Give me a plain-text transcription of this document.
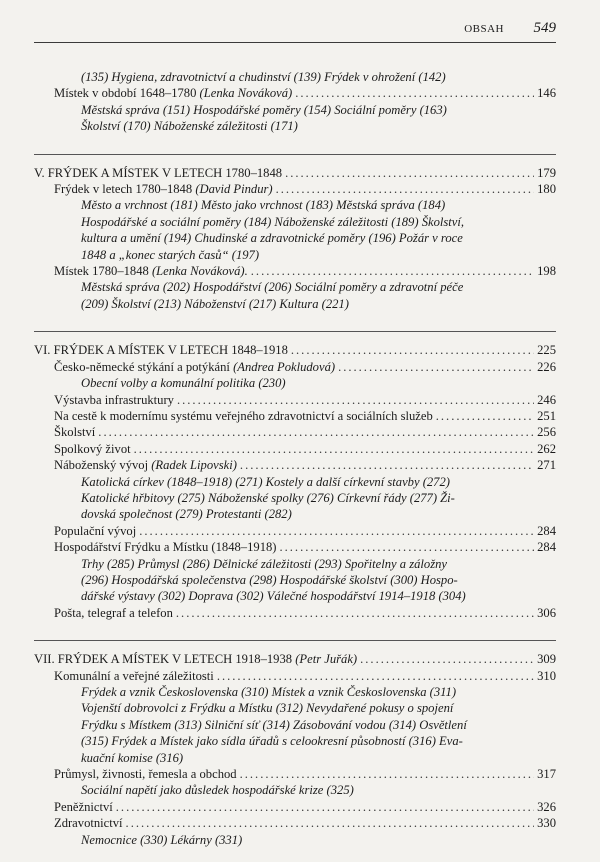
OBSAH 549
(135) Hygiena, zdravotnictví a chudinství (139) Frýdek v ohrožení (142)
Místek v období 1648–1780 (Lenka Nováková) .....	146
Městská správa (151) Hospodářské poměry (154) Sociální poměry (163)
Školství (170) Náboženské záležitosti (171)
V. FRÝDEK A MÍSTEK V LETECH 1780–1848 .....	179
Frýdek v letech 1780–1848 (David Pindur) .....	180
Město a vrchnost (181) Město jako vrchnost (183) Městská správa (184)
Hospodářské a sociální poměry (184) Náboženské záležitosti (189) Školství,
kultura a umění (194) Chudinské a zdravotnické poměry (196) Požár v roce
1848 a „konec starých časů“ (197)
Místek 1780–1848 (Lenka Nováková). .....	198
Městská správa (202) Hospodářství (206) Sociální poměry a zdravotní péče
(209) Školství (213) Náboženství (217) Kultura (221)
VI. FRÝDEK A MÍSTEK V LETECH 1848–1918 .....	225
Česko-německé stýkání a potýkání (Andrea Pokludová) .....	226
Obecní volby a komunální politika (230)
Výstavba infrastruktury .....	246
Na cestě k modernímu systému veřejného zdravotnictví a sociálních služeb .....	251
Školství .....	256
Spolkový život .....	262
Náboženský vývoj (Radek Lipovski) .....	271
Katolická církev (1848–1918) (271) Kostely a další církevní stavby (272)
Katolické hřbitovy (275) Náboženské spolky (276) Církevní řády (277) Ži-
dovská společnost (279) Protestanti (282)
Populační vývoj .....	284
Hospodářství Frýdku a Místku (1848–1918) .....	284
Trhy (285) Průmysl (286) Dělnické záležitosti (293) Spořitelny a záložny
(296) Hospodářská společenstva (298) Hospodářské školství (300) Hospo-
dářské výstavy (302) Doprava (302) Válečné hospodářství 1914–1918 (304)
Pošta, telegraf a telefon .....	306
VII. FRÝDEK A MÍSTEK V LETECH 1918–1938 (Petr Juřák) .....	309
Komunální a veřejné záležitosti .....	310
Frýdek a vznik Československa (310) Místek a vznik Československa (311)
Vojenští dobrovolci z Frýdku a Místku (312) Nevydařené pokusy o spojení
Frýdku s Místkem (313) Silniční síť (314) Zásobování vodou (314) Osvětlení
(315) Frýdek a Místek jako sídla úřadů s celookresní působností (316) Eva-
kuační komise (316)
Průmysl, živnosti, řemesla a obchod .....	317
Sociální napětí jako důsledek hospodářské krize (325)
Peněžnictví .....	326
Zdravotnictví .....	330
Nemocnice (330) Lékárny (331)
